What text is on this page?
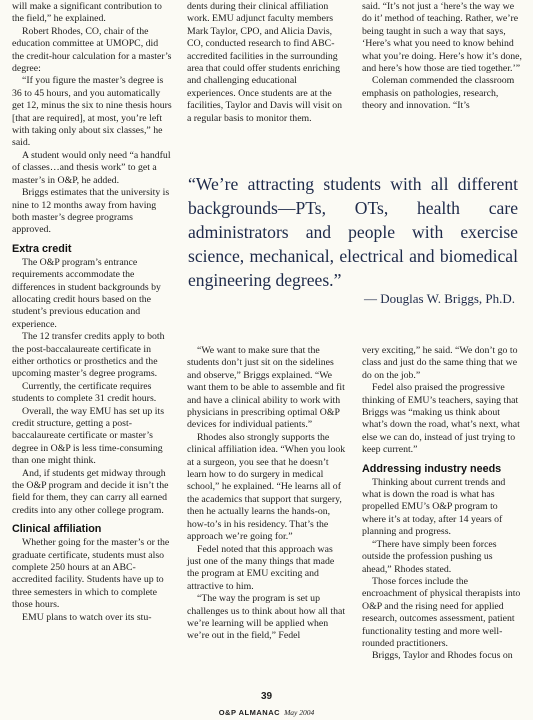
will make a significant contribution to the field,” he explained.

Robert Rhodes, CO, chair of the education committee at UMOPC, did the credit-hour calculation for a master’s degree:

“If you figure the master’s degree is 36 to 45 hours, and you automatically get 12, minus the six to nine thesis hours [that are required], at most, you’re left with taking only about six classes,” he said.

A student would only need “a handful of classes…and thesis work” to get a master’s in O&P, he added.

Briggs estimates that the university is nine to 12 months away from having both master’s degree programs approved.

Extra credit

The O&P program’s entrance requirements accommodate the differences in student backgrounds by allocating credit hours based on the student’s previous education and experience.

The 12 transfer credits apply to both the post-baccalaureate certificate in either orthotics or prosthetics and the upcoming master’s degree programs.

Currently, the certificate requires students to complete 31 credit hours.

Overall, the way EMU has set up its credit structure, getting a post-baccalaureate certificate or master’s degree in O&P is less time-consuming than one might think.

And, if students get midway through the O&P program and decide it isn’t the field for them, they can carry all earned credits into any other college program.

Clinical affiliation

Whether going for the master’s or the graduate certificate, students must also complete 250 hours at an ABC-accredited facility. Students have up to three semesters in which to complete those hours.

EMU plans to watch over its stu-

dents during their clinical affiliation work. EMU adjunct faculty members Mark Taylor, CPO, and Alicia Davis, CO, conducted research to find ABC-accredited facilities in the surrounding area that could offer students enriching and challenging educational experiences. Once students are at the facilities, Taylor and Davis will visit on a regular basis to monitor them.

said. “It’s not just a ‘here’s the way we do it’ method of teaching. Rather, we’re being taught in such a way that says, ‘Here’s what you need to know behind what you’re doing. Here’s how it’s done, and here’s how those are tied together.’”

Coleman commended the classroom emphasis on pathologies, research, theory and innovation. “It’s

“We’re attracting students with all different backgrounds—PTs, OTs, health care administrators and people with exercise science, mechanical, electrical and biomedical engineering degrees.”
— Douglas W. Briggs, Ph.D.

“We want to make sure that the students don’t just sit on the sidelines and observe,” Briggs explained. “We want them to be able to assemble and fit and have a clinical ability to work with physicians in prescribing optimal O&P devices for individual patients.”

Rhodes also strongly supports the clinical affiliation idea. “When you look at a surgeon, you see that he doesn’t learn how to do surgery in medical school,” he explained. “He learns all of the academics that support that surgery, then he actually learns the hands-on, how-to’s in his residency. That’s the approach we’re going for.”

Fedel noted that this approach was just one of the many things that made the program at EMU exciting and attractive to him.

“The way the program is set up challenges us to think about how all that we’re learning will be applied when we’re out in the field,” Fedel

very exciting,” he said. “We don’t go to class and just do the same thing that we do on the job.”

Fedel also praised the progressive thinking of EMU’s teachers, saying that Briggs was “making us think about what’s down the road, what’s next, what else we can do, instead of just trying to keep current.”

Addressing industry needs

Thinking about current trends and what is down the road is what has propelled EMU’s O&P program to where it’s at today, after 14 years of planning and progress.

“There have simply been forces outside the profession pushing us ahead,” Rhodes stated.

Those forces include the encroachment of physical therapists into O&P and the rising need for applied research, outcomes assessment, patient functionality testing and more well-rounded practitioners.

Briggs, Taylor and Rhodes focus on

39
O&P ALMANAC May 2004
